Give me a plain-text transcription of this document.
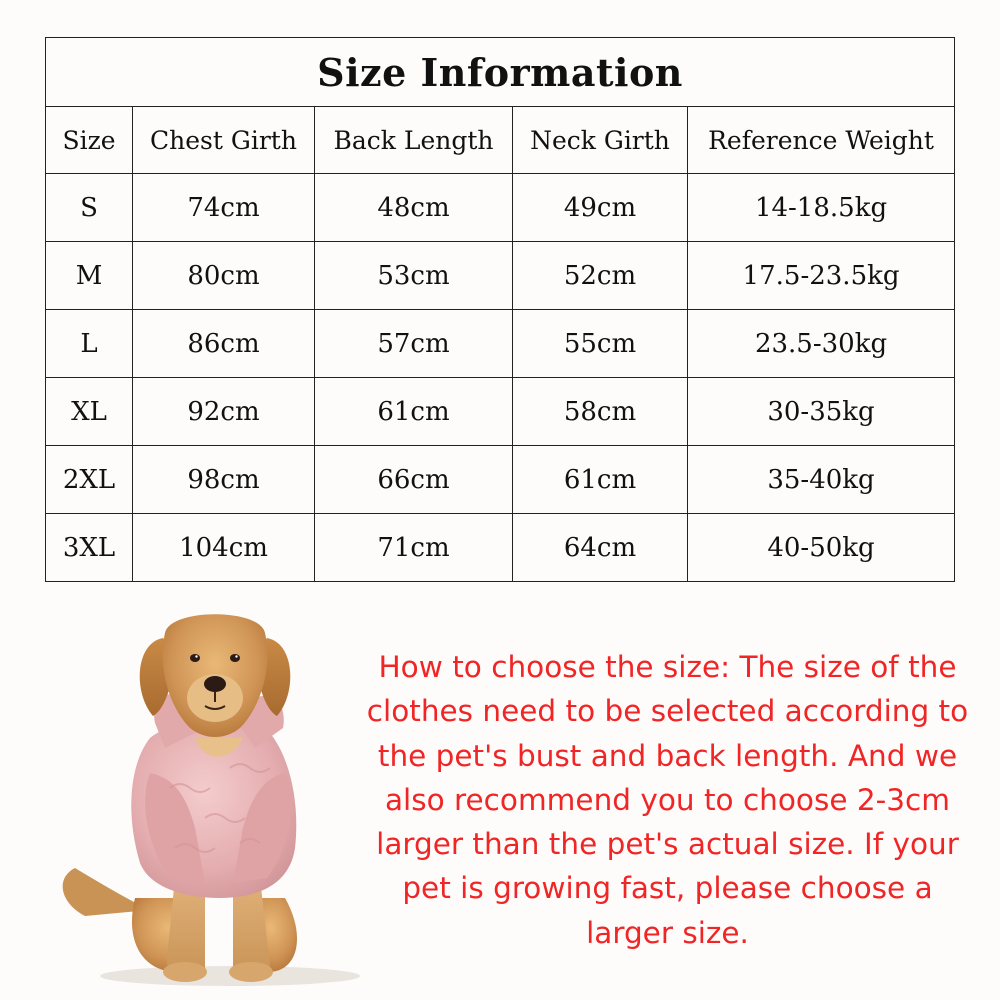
Size Information				
Size	Chest Girth	Back Length	Neck Girth	Reference Weight
S	74cm	48cm	49cm	14-18.5kg
M	80cm	53cm	52cm	17.5-23.5kg
L	86cm	57cm	55cm	23.5-30kg
XL	92cm	61cm	58cm	30-35kg
2XL	98cm	66cm	61cm	35-40kg
3XL	104cm	71cm	64cm	40-50kg

How to choose the size: The size of the clothes need to be selected according to the pet's bust and back length. And we also recommend you to choose 2-3cm larger than the pet's actual size. If your pet is growing fast, please choose a larger size.
